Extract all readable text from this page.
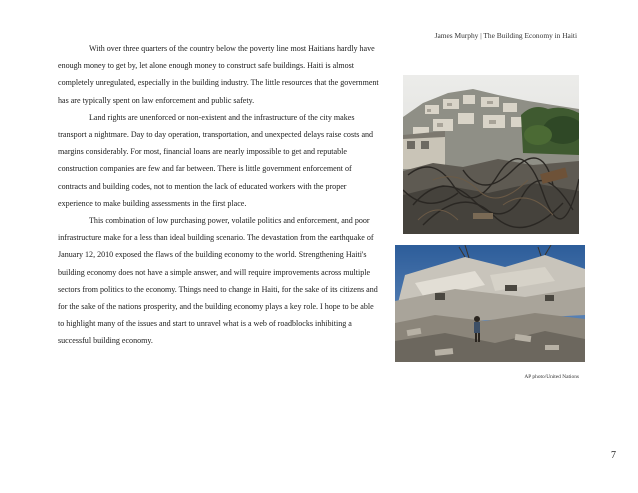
James Murphy | The Building Economy in Haiti

With over three quarters of the country below the poverty line most Haitians hardly have enough money to get by, let alone enough money to construct safe buildings. Haiti is almost completely unregulated, especially in the building industry. The little resources that the government has are typically spent on law enforcement and public safety.

Land rights are unenforced or non-existent and the infrastructure of the city makes transport a nightmare. Day to day operation, transportation, and unexpected delays raise costs and margins considerably. For most, financial loans are nearly impossible to get and reputable construction companies are few and far between. There is little government enforcement of contracts and building codes, not to mention the lack of educated workers with the proper experience to make building assessments in the first place.

This combination of low purchasing power, volatile politics and enforcement, and poor infrastructure make for a less than ideal building scenario. The devastation from the earthquake of January 12, 2010 exposed the flaws of the building economy to the world. Strengthening Haiti's building economy does not have a simple answer, and will require improvements across multiple sectors from politics to the economy. Things need to change in Haiti, for the sake of its citizens and for the sake of the nations prosperity, and the building economy plays a key role. I hope to be able to highlight many of the issues and start to unravel what is a web of roadblocks inhibiting a successful building economy.

AP photo/United Nations
7
